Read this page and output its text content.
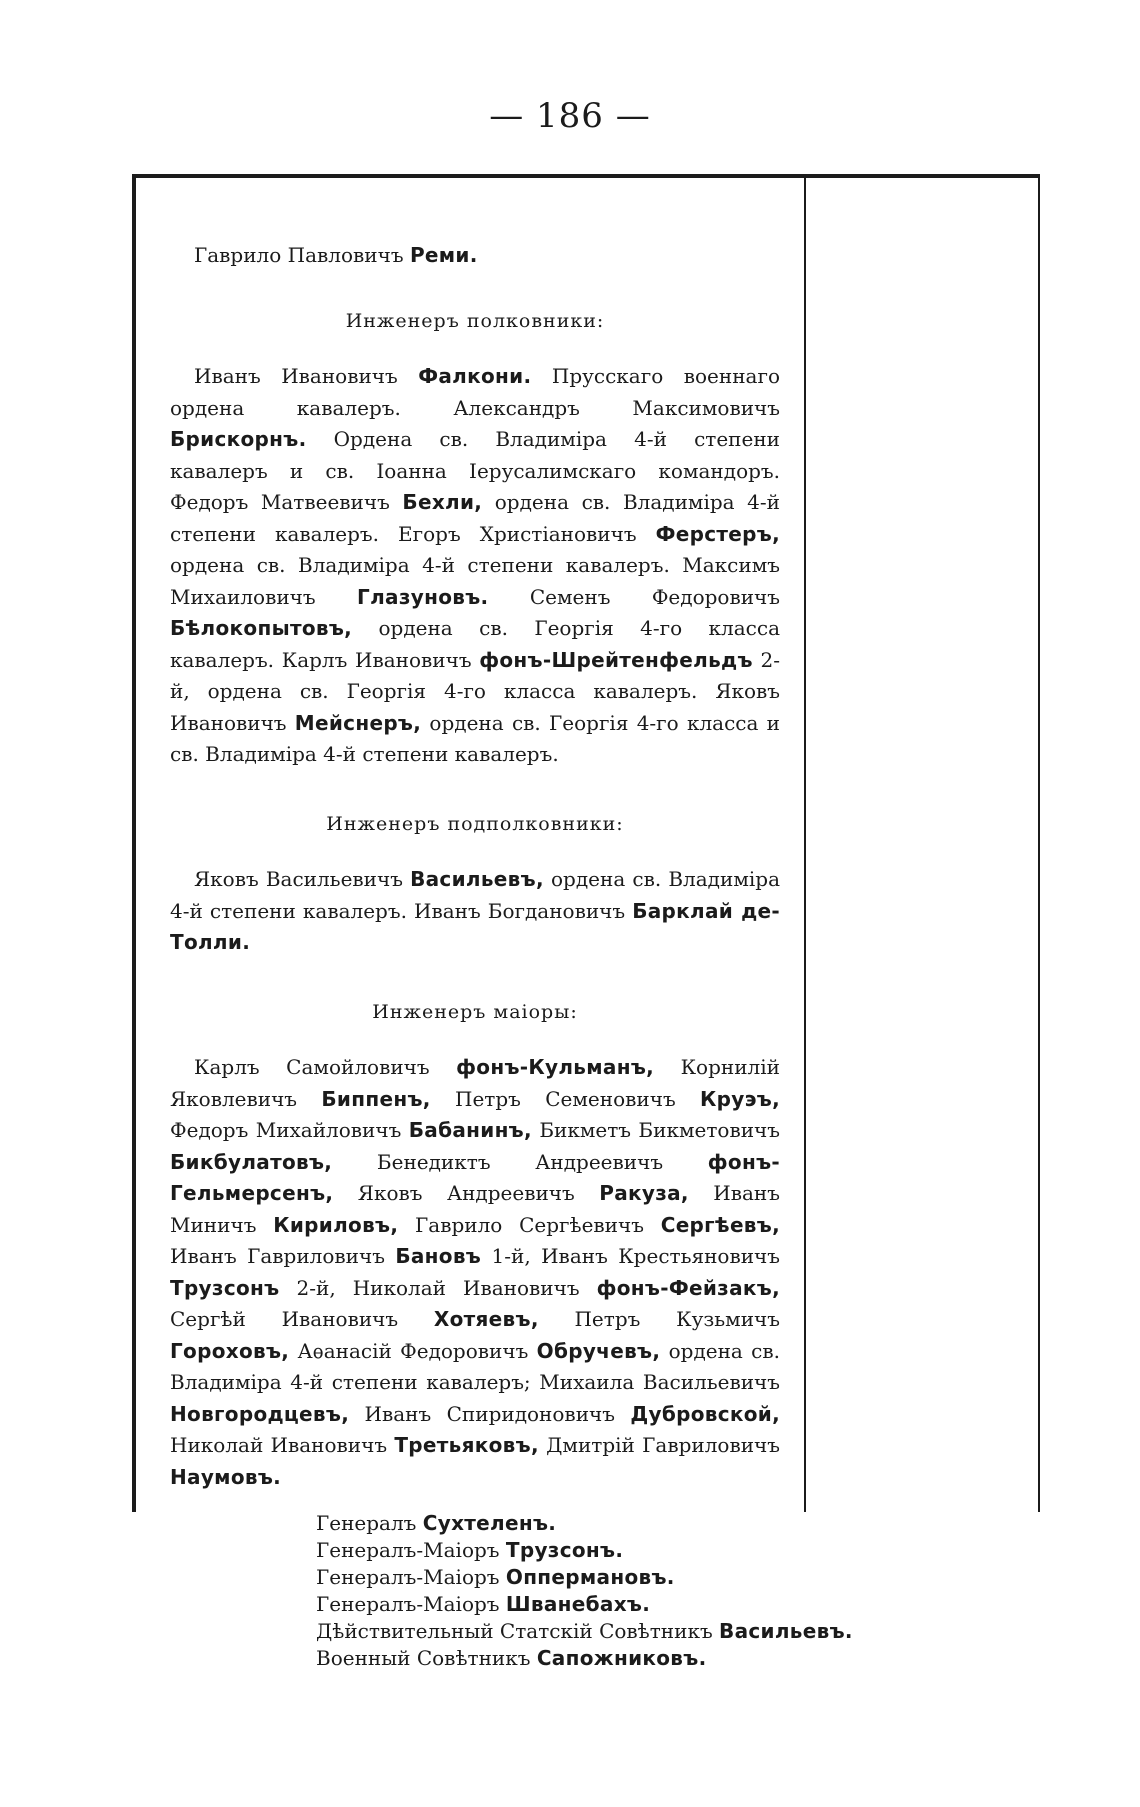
— 186 —

Гаврило Павловичъ Реми.

Инженеръ полковники:

Иванъ Ивановичъ Фалкони. Прусскаго военнаго ордена кавалеръ. Александръ Максимовичъ Брискорнъ. Ордена св. Владиміра 4-й степени кавалеръ и св. Іоанна Іерусалимскаго командоръ. Федоръ Матвеевичъ Бехли, ордена св. Владиміра 4-й степени кавалеръ. Егоръ Христіановичъ Ферстеръ, ордена св. Владиміра 4-й степени кавалеръ. Максимъ Михаиловичъ Глазуновъ. Семенъ Федоровичъ Бѣлокопытовъ, ордена св. Георгія 4-го класса кавалеръ. Карлъ Ивановичъ фонъ-Шрейтенфельдъ 2-й, ордена св. Георгія 4-го класса кавалеръ. Яковъ Ивановичъ Мейснеръ, ордена св. Георгія 4-го класса и св. Владиміра 4-й степени кавалеръ.

Инженеръ подполковники:

Яковъ Васильевичъ Васильевъ, ордена св. Владиміра 4-й степени кавалеръ. Иванъ Богдановичъ Барклай де-Толли.

Инженеръ маіоры:

Карлъ Самойловичъ фонъ-Кульманъ, Корнилій Яковлевичъ Биппенъ, Петръ Семеновичъ Круэъ, Федоръ Михайловичъ Бабанинъ, Бикметъ Бикметовичъ Бикбулатовъ, Бенедиктъ Андреевичъ фонъ-Гельмерсенъ, Яковъ Андреевичъ Ракуза, Иванъ Миничъ Кириловъ, Гаврило Сергѣевичъ Сергѣевъ, Иванъ Гавриловичъ Бановъ 1-й, Иванъ Крестьяновичъ Трузсонъ 2-й, Николай Ивановичъ фонъ-Фейзакъ, Сергѣй Ивановичъ Хотяевъ, Петръ Кузьмичъ Гороховъ, Аѳанасій Федоровичъ Обручевъ, ордена св. Владиміра 4-й степени кавалеръ; Михаила Васильевичъ Новгородцевъ, Иванъ Спиридоновичъ Дубровской, Николай Ивановичъ Третьяковъ, Дмитрій Гавриловичъ Наумовъ.

Генералъ Сухтеленъ.
Генералъ-Маіоръ Трузсонъ.
Генералъ-Маіоръ Оппермановъ.
Генералъ-Маіоръ Шванебахъ.
Дѣйствительный Статскій Совѣтникъ Васильевъ.
Военный Совѣтникъ Сапожниковъ.
